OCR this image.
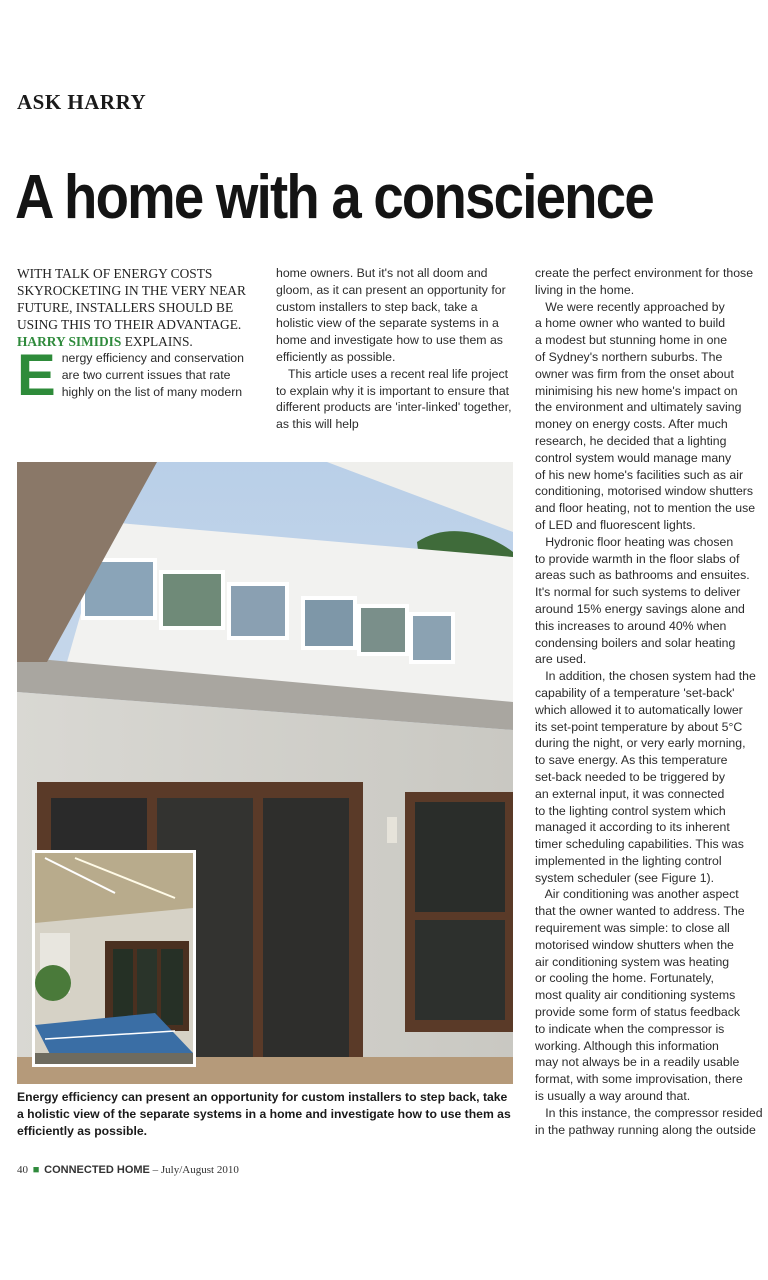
ASK HARRY
A home with a conscience

WITH TALK OF ENERGY COSTS SKYROCKETING IN THE VERY NEAR FUTURE, INSTALLERS SHOULD BE USING THIS TO THEIR ADVANTAGE. HARRY SIMIDIS EXPLAINS.

E nergy efficiency and conservation are two current issues that rate highly on the list of many modern

home owners. But it's not all doom and gloom, as it can present an opportunity for custom installers to step back, take a holistic view of the separate systems in a home and investigate how to use them as efficiently as possible.

This article uses a recent real life project to explain why it is important to ensure that different products are 'inter-linked' together, as this will help

create the perfect environment for those
living in the home.
We were recently approached by
a home owner who wanted to build
a modest but stunning home in one
of Sydney's northern suburbs. The
owner was firm from the onset about
minimising his new home's impact on
the environment and ultimately saving
money on energy costs. After much
research, he decided that a lighting
control system would manage many
of his new home's facilities such as air
conditioning, motorised window shutters
and floor heating, not to mention the use
of LED and fluorescent lights.
Hydronic floor heating was chosen
to provide warmth in the floor slabs of
areas such as bathrooms and ensuites.
It's normal for such systems to deliver
around 15% energy savings alone and
this increases to around 40% when
condensing boilers and solar heating
are used.
In addition, the chosen system had the
capability of a temperature 'set-back'
which allowed it to automatically lower
its set-point temperature by about 5°C
during the night, or very early morning,
to save energy. As this temperature
set-back needed to be triggered by
an external input, it was connected
to the lighting control system which
managed it according to its inherent
timer scheduling capabilities. This was
implemented in the lighting control
system scheduler (see Figure 1).
Air conditioning was another aspect
that the owner wanted to address. The
requirement was simple: to close all
motorised window shutters when the
air conditioning system was heating
or cooling the home. Fortunately,
most quality air conditioning systems
provide some form of status feedback
to indicate when the compressor is
working. Although this information
may not always be in a readily usable
format, with some improvisation, there
is usually a way around that.
In this instance, the compressor resided
in the pathway running along the outside

Energy efficiency can present an opportunity for custom installers to step back, take a holistic view of the separate systems in a home and investigate how to use them as efficiently as possible.

40 ■ CONNECTED HOME – July/August 2010
